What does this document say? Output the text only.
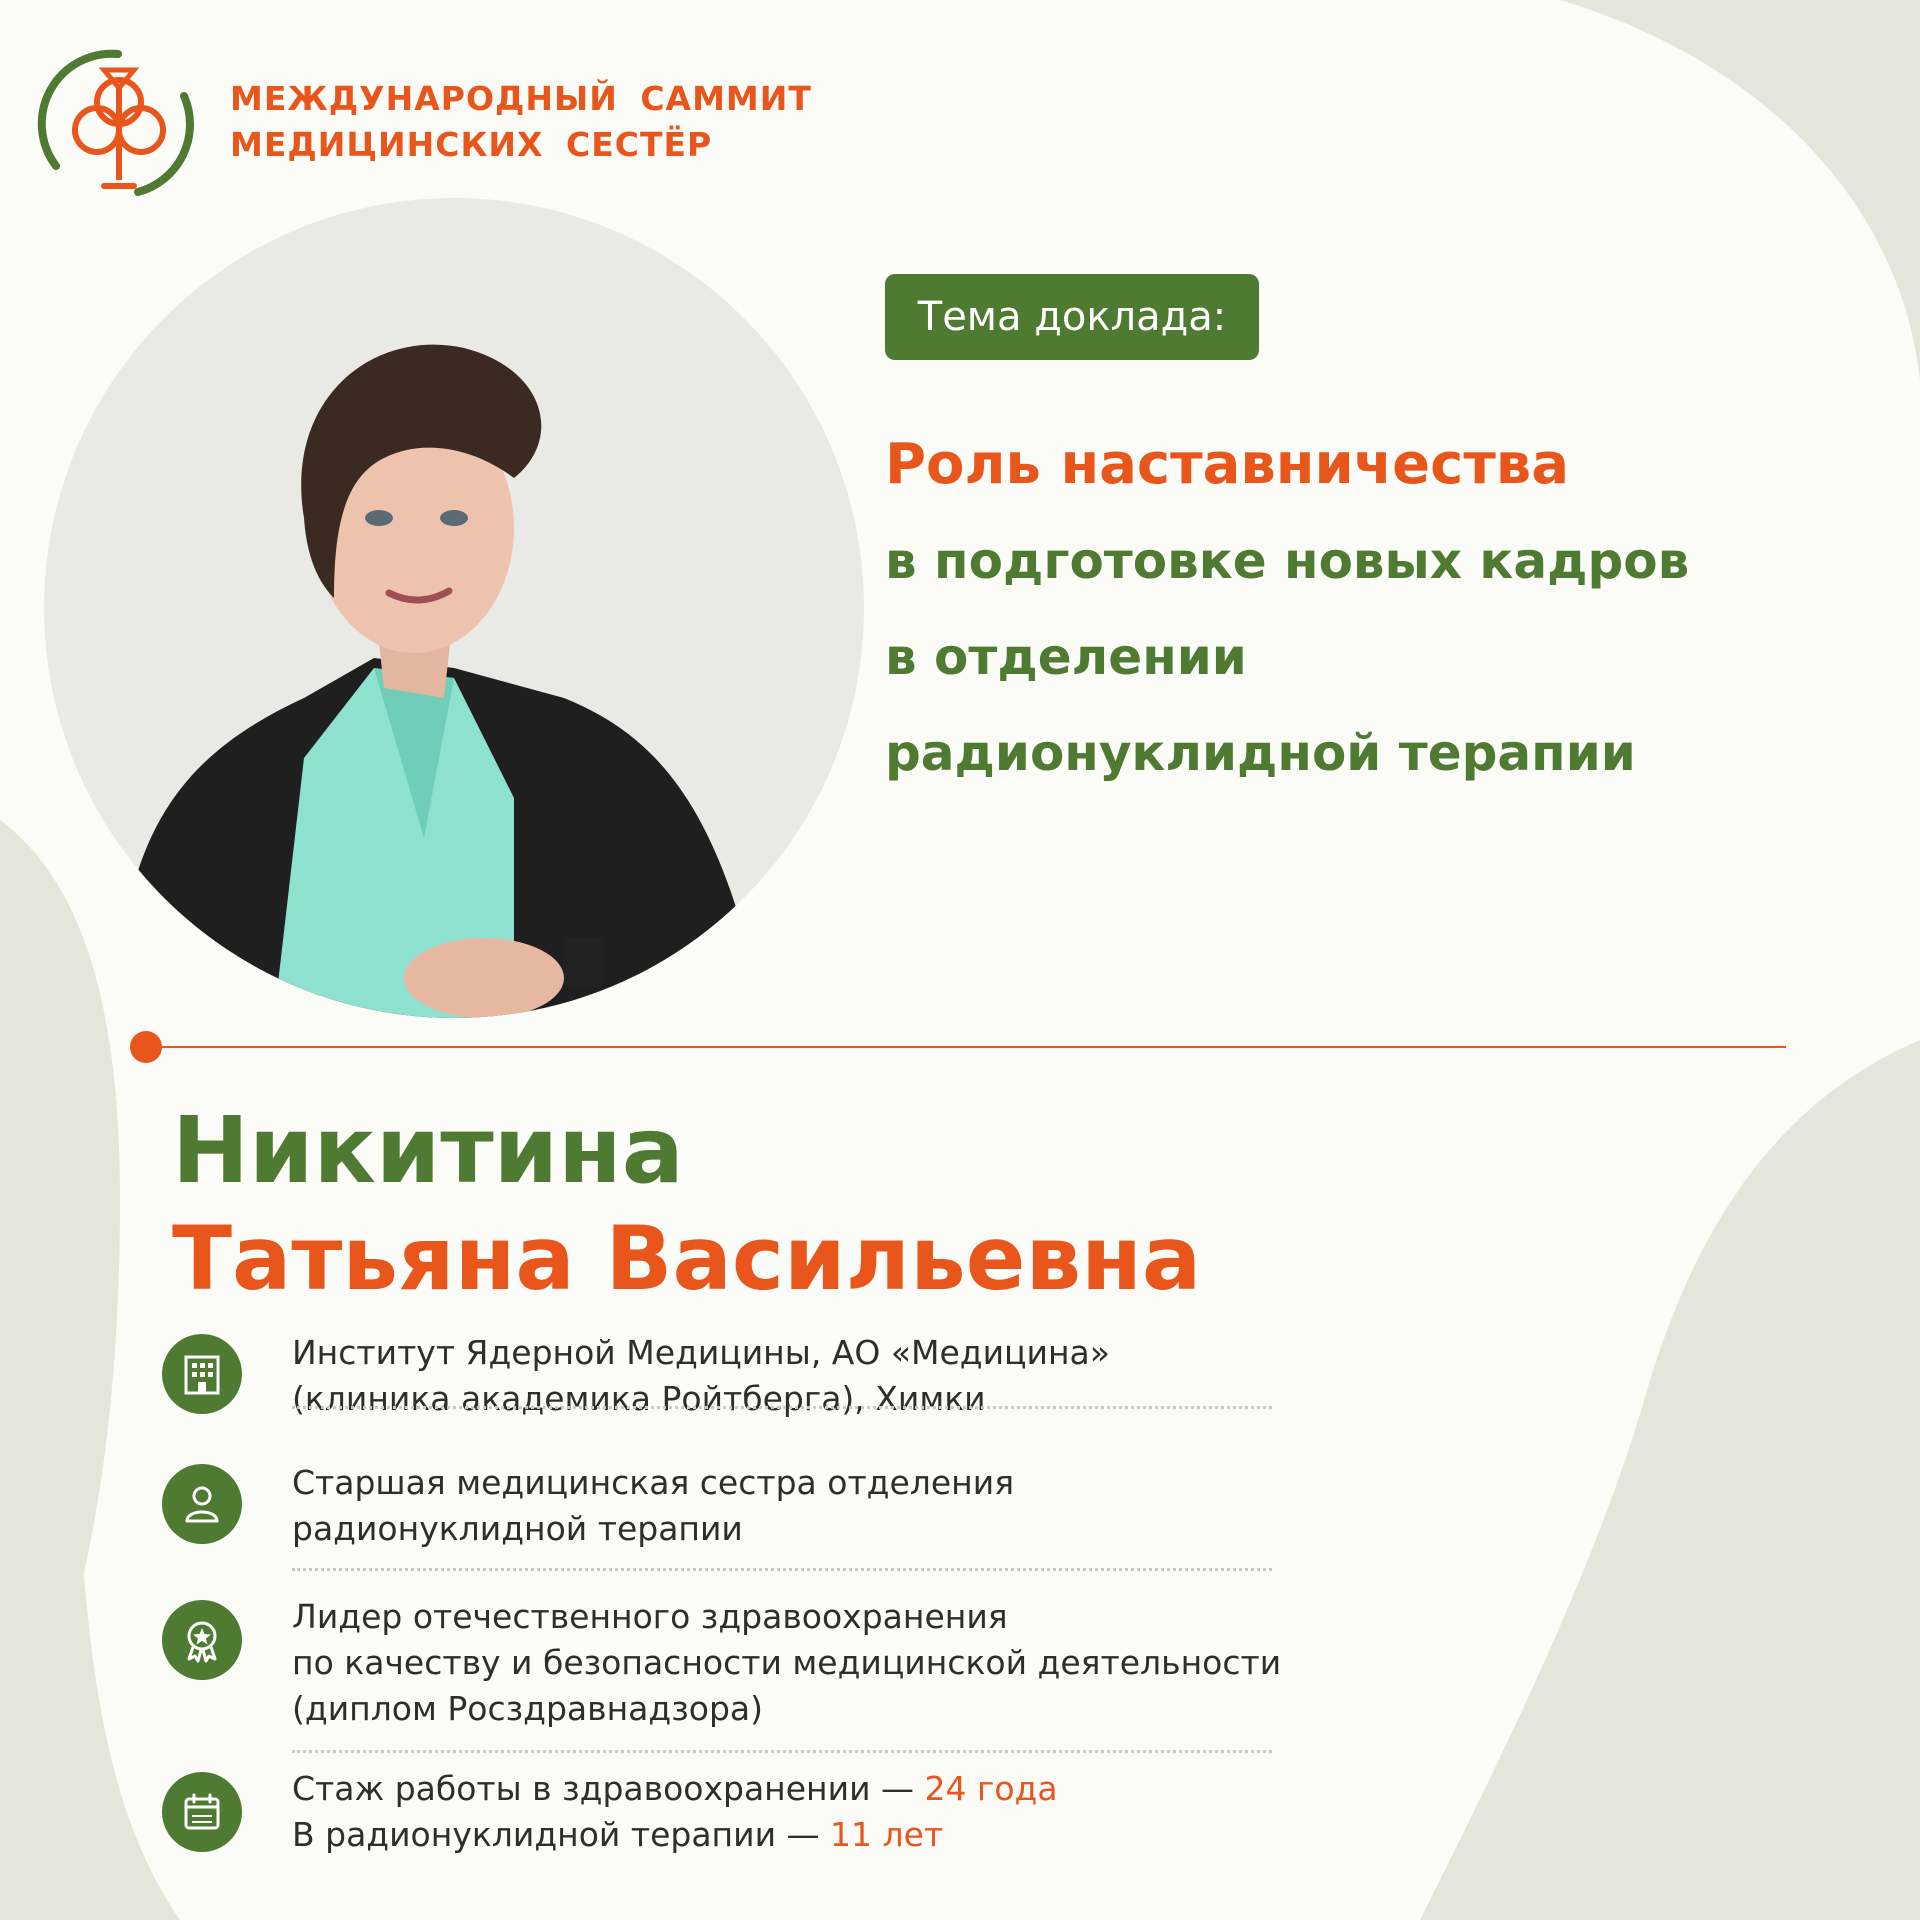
МЕЖДУНАРОДНЫЙ САММИТ
МЕДИЦИНСКИХ СЕСТЁР
Тема доклада:
Роль наставничества
в подготовке новых кадров
в отделении
радионуклидной терапии
Никитина
Татьяна Васильевна
Институт Ядерной Медицины, АО «Медицина»
(клиника академика Ройтберга), Химки
Старшая медицинская сестра отделения
радионуклидной терапии
Лидер отечественного здравоохранения
по качеству и безопасности медицинской деятельности
(диплом Росздравнадзора)
Стаж работы в здравоохранении — 24 года
В радионуклидной терапии — 11 лет
